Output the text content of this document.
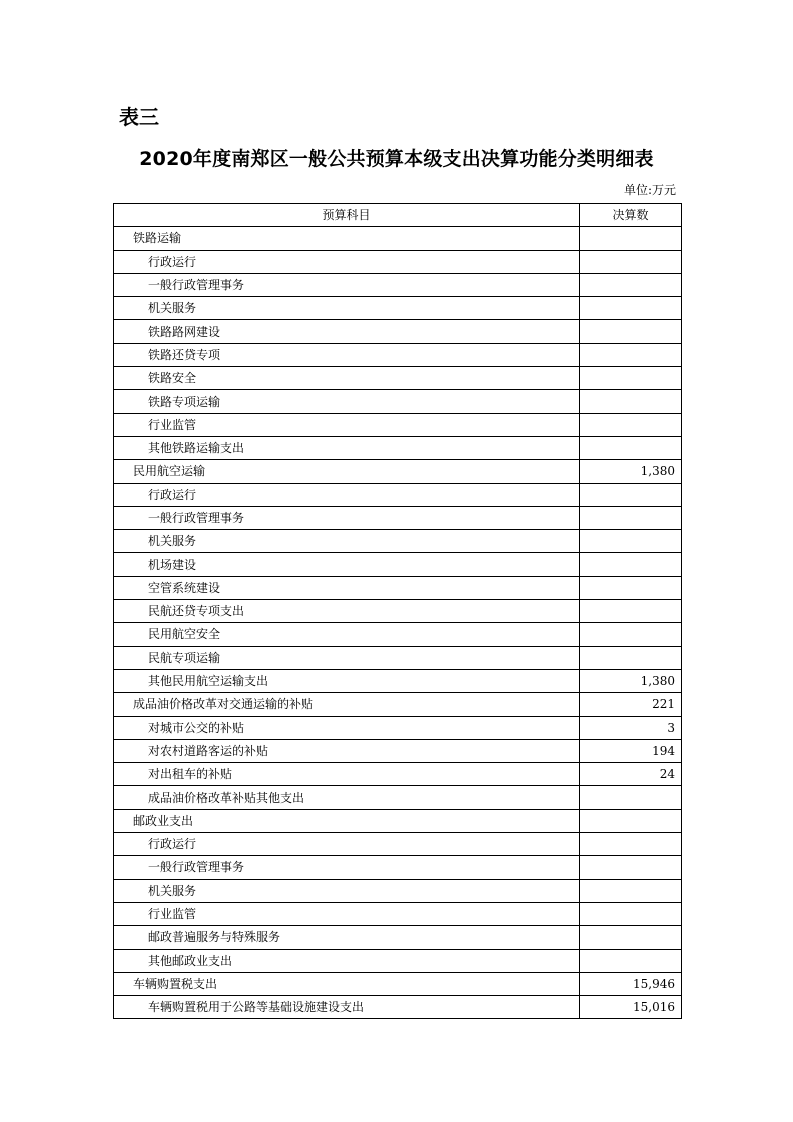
表三
2020年度南郑区一般公共预算本级支出决算功能分类明细表
单位:万元
预算科目	决算数
铁路运输	
行政运行	
一般行政管理事务	
机关服务	
铁路路网建设	
铁路还贷专项	
铁路安全	
铁路专项运输	
行业监管	
其他铁路运输支出	
民用航空运输	1,380
行政运行	
一般行政管理事务	
机关服务	
机场建设	
空管系统建设	
民航还贷专项支出	
民用航空安全	
民航专项运输	
其他民用航空运输支出	1,380
成品油价格改革对交通运输的补贴	221
对城市公交的补贴	3
对农村道路客运的补贴	194
对出租车的补贴	24
成品油价格改革补贴其他支出	
邮政业支出	
行政运行	
一般行政管理事务	
机关服务	
行业监管	
邮政普遍服务与特殊服务	
其他邮政业支出	
车辆购置税支出	15,946
车辆购置税用于公路等基础设施建设支出	15,016
